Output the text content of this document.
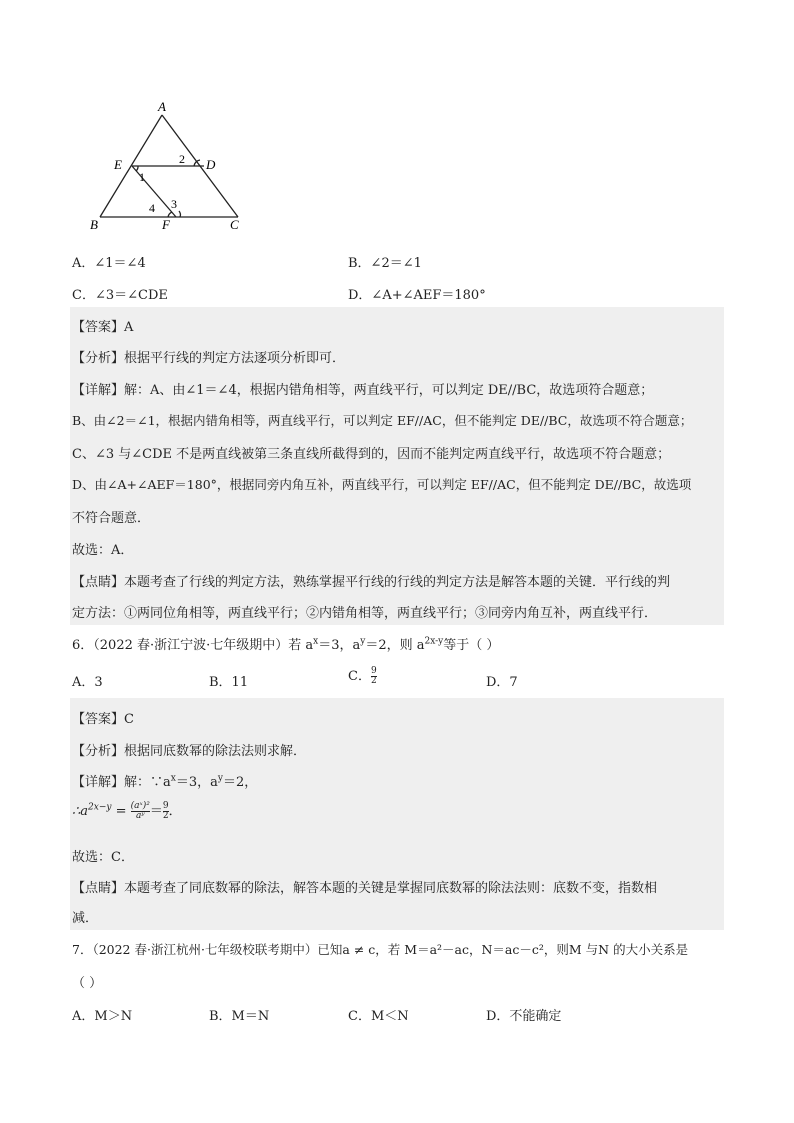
A
E	D
B	F	C
1
2
3
4
A．∠1＝∠4	B．∠2＝∠1
C．∠3＝∠CDE	D．∠A+∠AEF＝180°
【答案】A
【分析】根据平行线的判定方法逐项分析即可．
【详解】解：A、由∠1＝∠4，根据内错角相等，两直线平行，可以判定 DE//BC，故选项符合题意；
B、由∠2＝∠1，根据内错角相等，两直线平行，可以判定 EF//AC，但不能判定 DE//BC，故选项不符合题意；
C、∠3 与∠CDE 不是两直线被第三条直线所截得到的，因而不能判定两直线平行，故选项不符合题意；
D、由∠A+∠AEF＝180°，根据同旁内角互补，两直线平行，可以判定 EF//AC，但不能判定 DE//BC，故选项
不符合题意．
故选：A．
【点睛】本题考查了行线的判定方法，熟练掌握平行线的行线的判定方法是解答本题的关键．平行线的判
定方法：①两同位角相等，两直线平行；②内错角相等，两直线平行；③同旁内角互补，两直线平行．
6．（2022 春·浙江宁波·七年级期中）若 $a^x=3$，$a^y=2$，则 $a^{2x-y}$等于（ ）
A．3	B．11	C．$\frac{9}{2}$	D．7
【答案】C
【分析】根据同底数幂的除法法则求解．
【详解】解：$\because a^x=3$，$a^y=2$，
$\therefore a^{2x-y} = \frac{\text{(aˣ)²}}{\text{aʸ}} =\frac{9}{2}$ ．
故选：C．
【点睛】本题考查了同底数幂的除法，解答本题的关键是掌握同底数幂的除法法则：底数不变，指数相
减．
7．（2022 春·浙江杭州·七年级校联考期中）已知a ≠ c，若 M＝a²－ac，N＝ac－c²，则M 与N 的大小关系是
（ ）
A．M＞N	B．M＝N	C．M＜N	D．不能确定
